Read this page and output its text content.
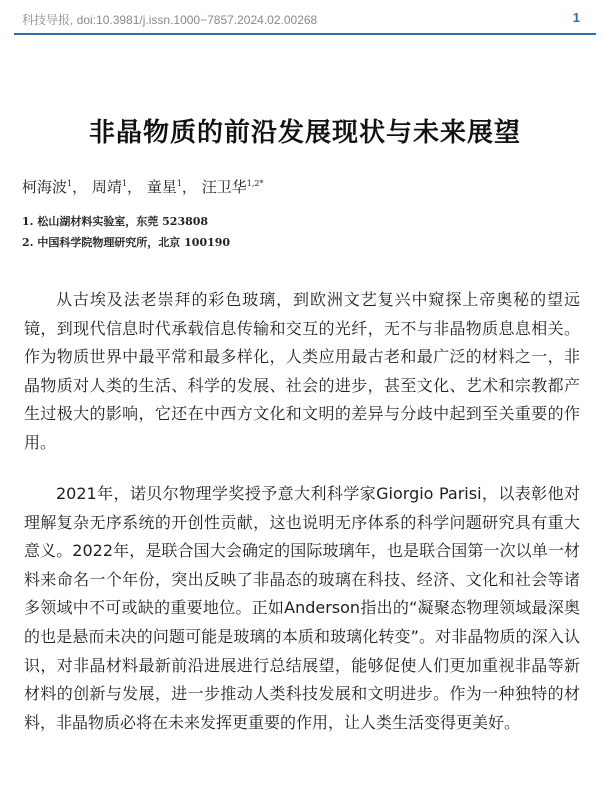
科技导报, doi:10.3981/j.issn.1000−7857.2024.02.00268	1
非晶物质的前沿发展现状与未来展望
柯海波$^1$， 周靖$^1$， 童星$^1$， 汪卫华$^{1,2*}$
1. 松山湖材料实验室，东莞 523808
2. 中国科学院物理研究所，北京 100190

从古埃及法老崇拜的彩色玻璃，到欧洲文艺复兴中窥探上帝奥秘的望远镜，到现代信息时代承载信息传输和交互的光纤，无不与非晶物质息息相关。作为物质世界中最平常和最多样化，人类应用最古老和最广泛的材料之一，非晶物质对人类的生活、科学的发展、社会的进步，甚至文化、艺术和宗教都产生过极大的影响，它还在中西方文化和文明的差异与分歧中起到至关重要的作用。

2021年，诺贝尔物理学奖授予意大利科学家Giorgio Parisi，以表彰他对理解复杂无序系统的开创性贡献，这也说明无序体系的科学问题研究具有重大意义。2022年，是联合国大会确定的国际玻璃年，也是联合国第一次以单一材料来命名一个年份，突出反映了非晶态的玻璃在科技、经济、文化和社会等诸多领域中不可或缺的重要地位。正如Anderson指出的“凝聚态物理领域最深奥的也是悬而未决的问题可能是玻璃的本质和玻璃化转变”。对非晶物质的深入认识，对非晶材料最新前沿进展进行总结展望，能够促使人们更加重视非晶等新材料的创新与发展，进一步推动人类科技发展和文明进步。作为一种独特的材料，非晶物质必将在未来发挥更重要的作用，让人类生活变得更美好。
